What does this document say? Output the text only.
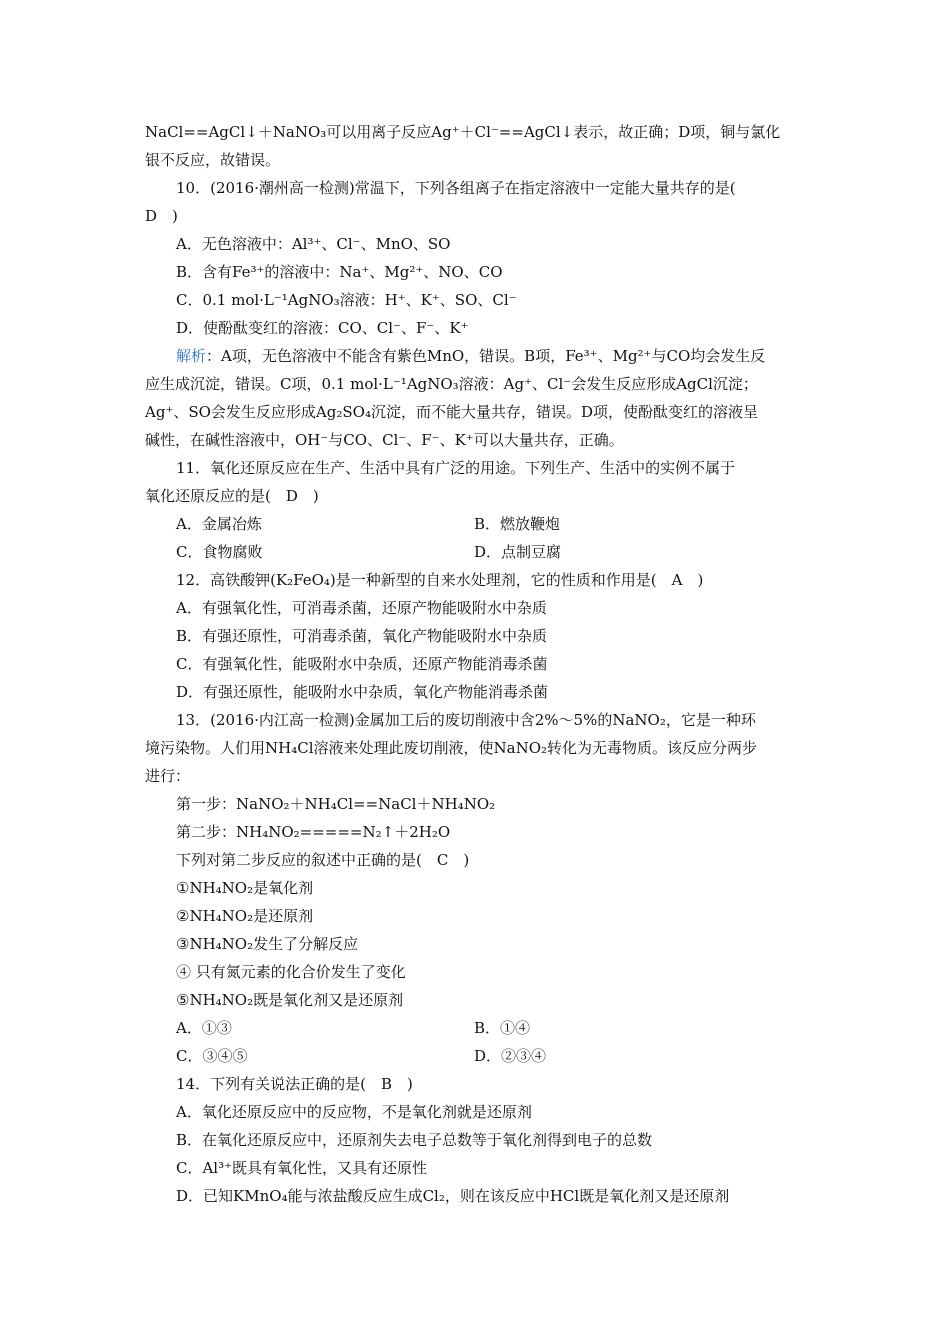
NaCl==AgCl↓＋NaNO₃可以用离子反应Ag⁺＋Cl⁻==AgCl↓表示，故正确；D项，铜与氯化
银不反应，故错误。
10．(2016·潮州高一检测)常温下，下列各组离子在指定溶液中一定能大量共存的是(
D　)
A．无色溶液中：Al³⁺、Cl⁻、MnO、SO
B．含有Fe³⁺的溶液中：Na⁺、Mg²⁺、NO、CO
C．0.1 mol·L⁻¹AgNO₃溶液：H⁺、K⁺、SO、Cl⁻
D．使酚酞变红的溶液：CO、Cl⁻、F⁻、K⁺
解析：A项，无色溶液中不能含有紫色MnO，错误。B项，Fe³⁺、Mg²⁺与CO均会发生反
应生成沉淀，错误。C项，0.1 mol·L⁻¹AgNO₃溶液：Ag⁺、Cl⁻会发生反应形成AgCl沉淀；
Ag⁺、SO会发生反应形成Ag₂SO₄沉淀，而不能大量共存，错误。D项，使酚酞变红的溶液呈
碱性，在碱性溶液中，OH⁻与CO、Cl⁻、F⁻、K⁺可以大量共存，正确。
11．氧化还原反应在生产、生活中具有广泛的用途。下列生产、生活中的实例不属于
氧化还原反应的是(　D　)
A．金属冶炼	B．燃放鞭炮
C．食物腐败	D．点制豆腐
12．高铁酸钾(K₂FeO₄)是一种新型的自来水处理剂，它的性质和作用是(　A　)
A．有强氧化性，可消毒杀菌，还原产物能吸附水中杂质
B．有强还原性，可消毒杀菌，氧化产物能吸附水中杂质
C．有强氧化性，能吸附水中杂质，还原产物能消毒杀菌
D．有强还原性，能吸附水中杂质，氧化产物能消毒杀菌
13．(2016·内江高一检测)金属加工后的废切削液中含2%～5%的NaNO₂，它是一种环
境污染物。人们用NH₄Cl溶液来处理此废切削液，使NaNO₂转化为无毒物质。该反应分两步
进行：
第一步：NaNO₂＋NH₄Cl==NaCl＋NH₄NO₂
第二步：NH₄NO₂=====N₂↑＋2H₂O
下列对第二步反应的叙述中正确的是(　C　)
①NH₄NO₂是氧化剂
②NH₄NO₂是还原剂
③NH₄NO₂发生了分解反应
④ 只有氮元素的化合价发生了变化
⑤NH₄NO₂既是氧化剂又是还原剂
A．①③	B．①④
C．③④⑤	D．②③④
14．下列有关说法正确的是(　B　)
A．氧化还原反应中的反应物，不是氧化剂就是还原剂
B．在氧化还原反应中，还原剂失去电子总数等于氧化剂得到电子的总数
C．Al³⁺既具有氧化性，又具有还原性
D．已知KMnO₄能与浓盐酸反应生成Cl₂，则在该反应中HCl既是氧化剂又是还原剂
